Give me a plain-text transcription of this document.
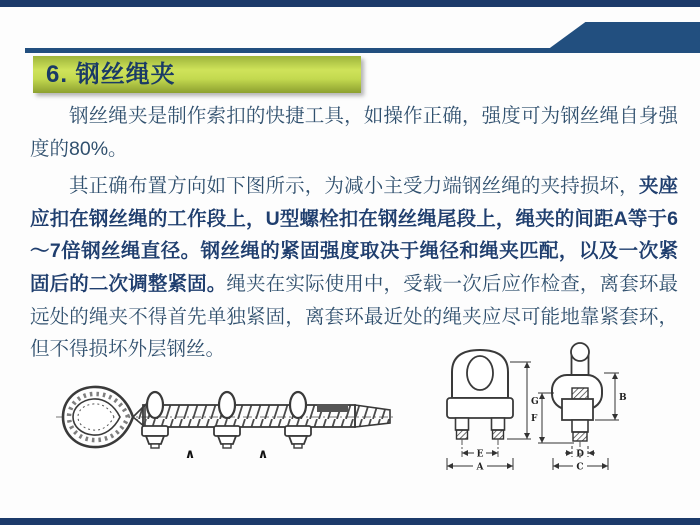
6. 钢丝绳夹

钢丝绳夹是制作索扣的快捷工具，如操作正确，强度可为钢丝绳自身强度的80%。

其正确布置方向如下图所示，为减小主受力端钢丝绳的夹持损坏，夹座应扣在钢丝绳的工作段上，U型螺栓扣在钢丝绳尾段上，绳夹的间距A等于6～7倍钢丝绳直径。钢丝绳的紧固强度取决于绳径和绳夹匹配，以及一次紧固后的二次调整紧固。绳夹在实际使用中，受载一次后应作检查，离套环最远处的绳夹不得首先单独紧固，离套环最近处的绳夹应尽可能地靠紧套环，但不得损坏外层钢丝。

∧	∧
G
E
A
B
F
D
C
